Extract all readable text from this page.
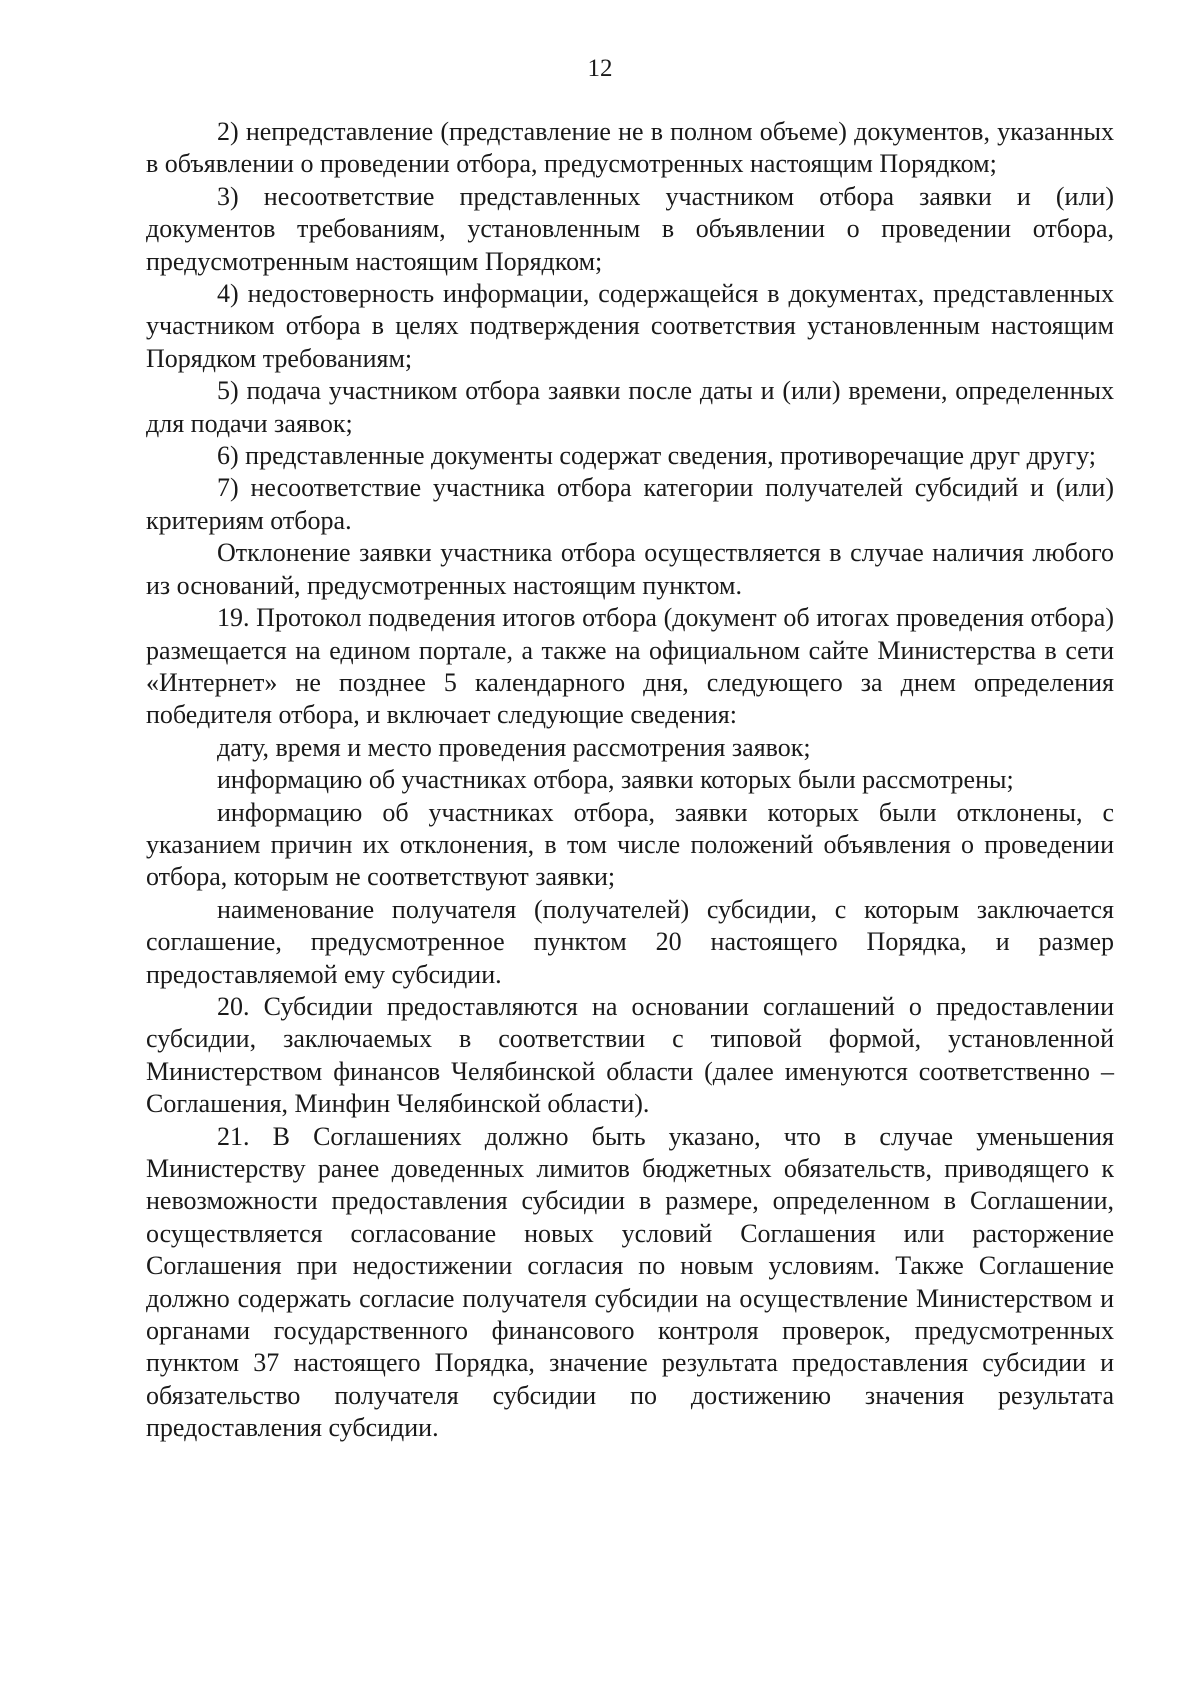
12

2) непредставление (представление не в полном объеме) документов, указанных в объявлении о проведении отбора, предусмотренных настоящим Порядком;

3) несоответствие представленных участником отбора заявки и (или) документов требованиям, установленным в объявлении о проведении отбора, предусмотренным настоящим Порядком;

4) недостоверность информации, содержащейся в документах, представленных участником отбора в целях подтверждения соответствия установленным настоящим Порядком требованиям;

5) подача участником отбора заявки после даты и (или) времени, определенных для подачи заявок;

6) представленные документы содержат сведения, противоречащие друг другу;

7) несоответствие участника отбора категории получателей субсидий и (или) критериям отбора.

Отклонение заявки участника отбора осуществляется в случае наличия любого из оснований, предусмотренных настоящим пунктом.

19. Протокол подведения итогов отбора (документ об итогах проведения отбора) размещается на едином портале, а также на официальном сайте Министерства в сети «Интернет» не позднее 5 календарного дня, следующего за днем определения победителя отбора, и включает следующие сведения:

дату, время и место проведения рассмотрения заявок;

информацию об участниках отбора, заявки которых были рассмотрены;

информацию об участниках отбора, заявки которых были отклонены, с указанием причин их отклонения, в том числе положений объявления о проведении отбора, которым не соответствуют заявки;

наименование получателя (получателей) субсидии, с которым заключается соглашение, предусмотренное пунктом 20 настоящего Порядка, и размер предоставляемой ему субсидии.

20. Субсидии предоставляются на основании соглашений о предоставлении субсидии, заключаемых в соответствии с типовой формой, установленной Министерством финансов Челябинской области (далее именуются соответственно – Соглашения, Минфин Челябинской области).

21. В Соглашениях должно быть указано, что в случае уменьшения Министерству ранее доведенных лимитов бюджетных обязательств, приводящего к невозможности предоставления субсидии в размере, определенном в Соглашении, осуществляется согласование новых условий Соглашения или расторжение Соглашения при недостижении согласия по новым условиям. Также Соглашение должно содержать согласие получателя субсидии на осуществление Министерством и органами государственного финансового контроля проверок, предусмотренных пунктом 37 настоящего Порядка, значение результата предоставления субсидии и обязательство получателя субсидии по достижению значения результата предоставления субсидии.
